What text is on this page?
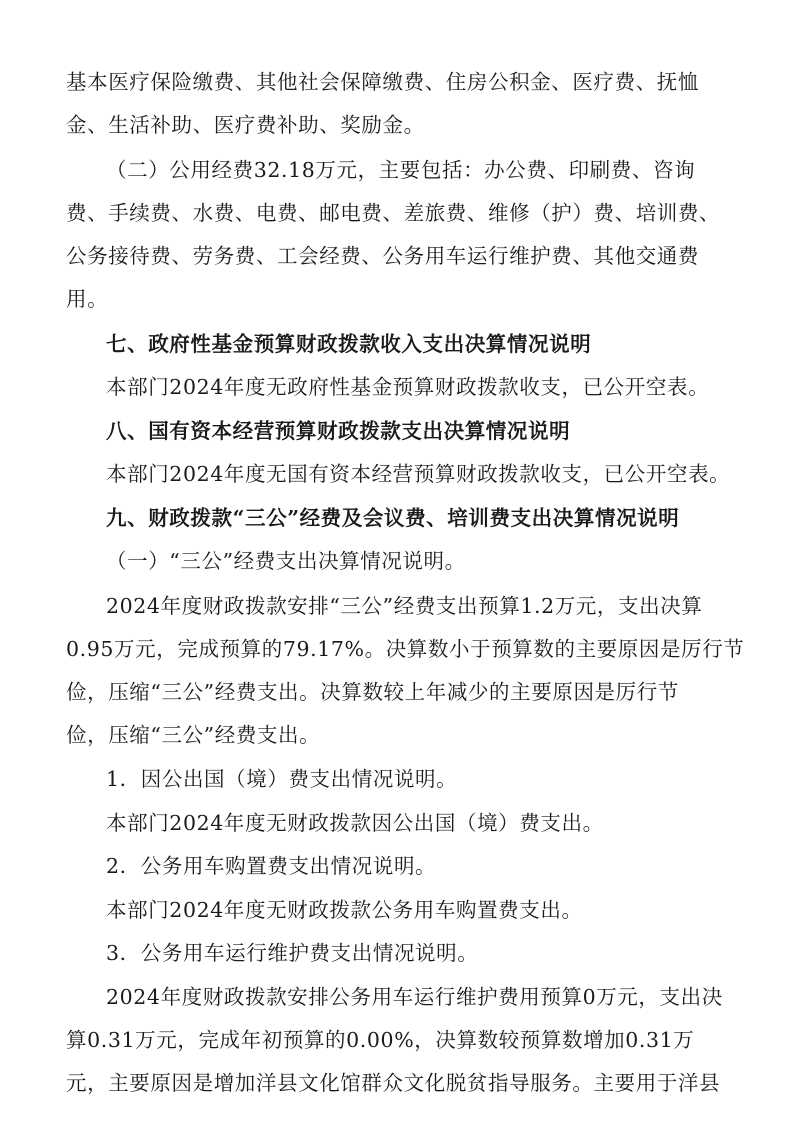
基本医疗保险缴费、其他社会保障缴费、住房公积金、医疗费、抚恤
金、生活补助、医疗费补助、奖励金。
（二）公用经费32.18万元，主要包括：办公费、印刷费、咨询
费、手续费、水费、电费、邮电费、差旅费、维修（护）费、培训费、
公务接待费、劳务费、工会经费、公务用车运行维护费、其他交通费
用。
七、政府性基金预算财政拨款收入支出决算情况说明
本部门2024年度无政府性基金预算财政拨款收支，已公开空表。
八、国有资本经营预算财政拨款支出决算情况说明
本部门2024年度无国有资本经营预算财政拨款收支，已公开空表。
九、财政拨款“三公”经费及会议费、培训费支出决算情况说明
（一）“三公”经费支出决算情况说明。
2024年度财政拨款安排“三公”经费支出预算1.2万元，支出决算
0.95万元，完成预算的79.17%。决算数小于预算数的主要原因是厉行节
俭，压缩“三公”经费支出。决算数较上年减少的主要原因是厉行节
俭，压缩“三公”经费支出。
1．因公出国（境）费支出情况说明。
本部门2024年度无财政拨款因公出国（境）费支出。
2．公务用车购置费支出情况说明。
本部门2024年度无财政拨款公务用车购置费支出。
3．公务用车运行维护费支出情况说明。
2024年度财政拨款安排公务用车运行维护费用预算0万元，支出决
算0.31万元，完成年初预算的0.00%，决算数较预算数增加0.31万
元，主要原因是增加洋县文化馆群众文化脱贫指导服务。主要用于洋县
